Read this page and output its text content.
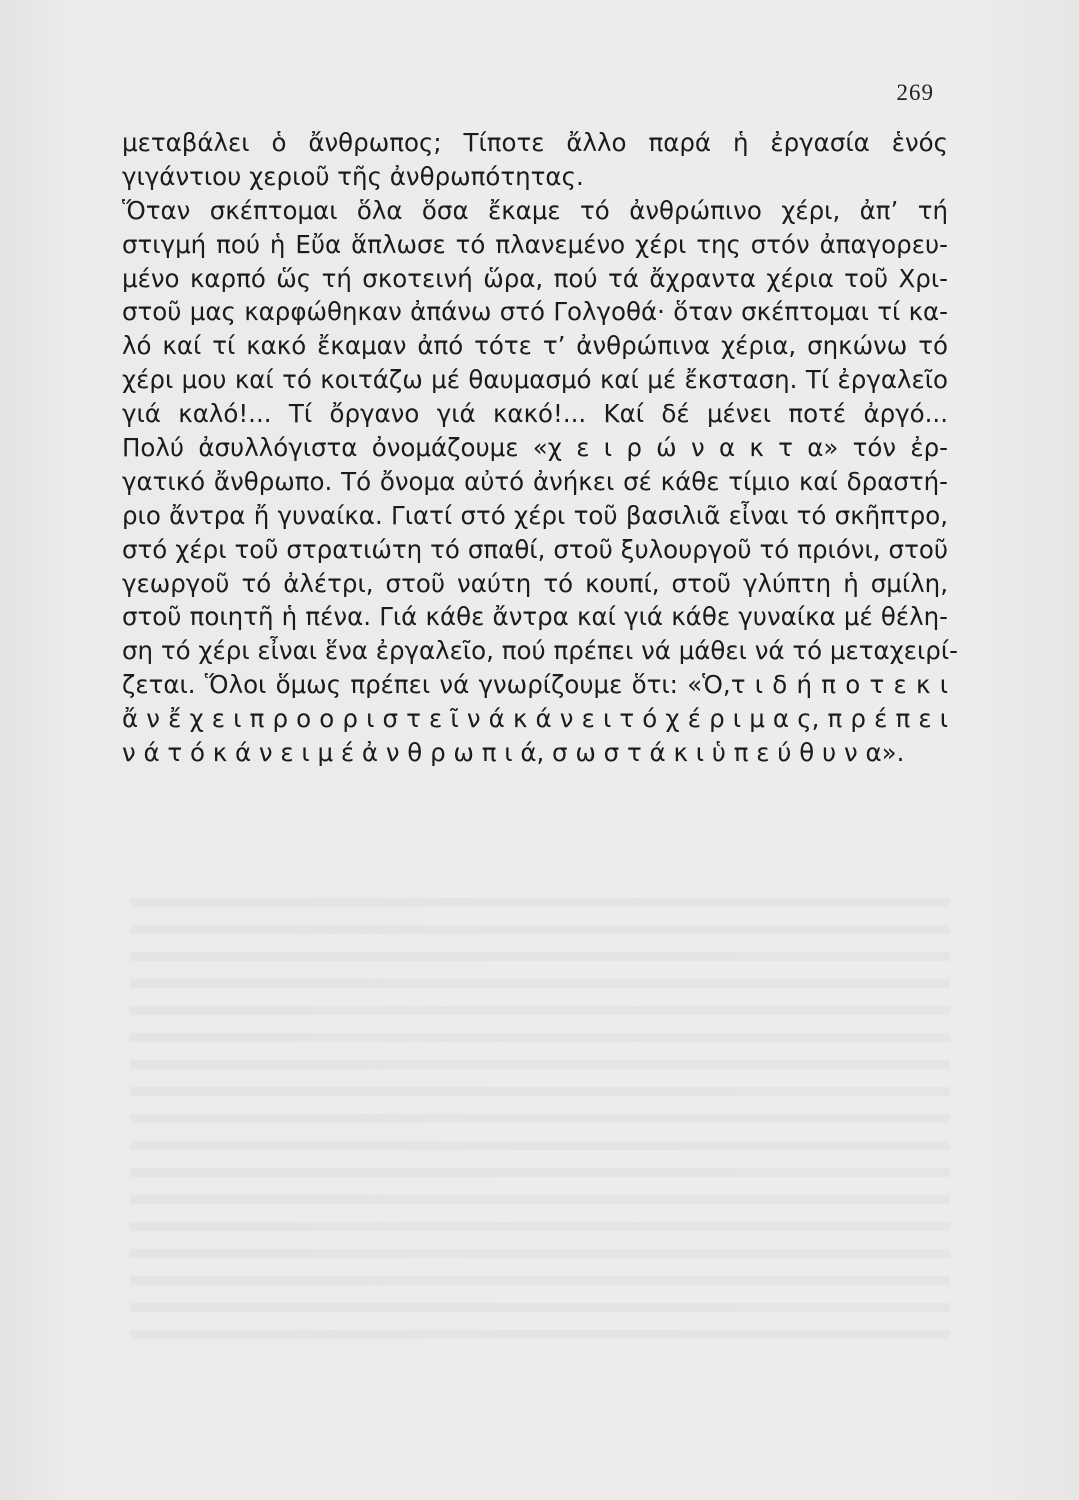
269
μεταβάλει ὁ ἄνθρωπος; Τίποτε ἄλλο παρά ἡ ἐργασία ἑνός
γιγάντιου χεριοῦ τῆς ἀνθρωπότητας.
Ὅταν σκέπτομαι ὅλα ὅσα ἔκαμε τό ἀνθρώπινο χέρι, ἀπ’ τή
στιγμή πού ἡ Εὔα ἅπλωσε τό πλανεμένο χέρι της στόν ἀπαγορευ-
μένο καρπό ὥς τή σκοτεινή ὥρα, πού τά ἄχραντα χέρια τοῦ Χρι-
στοῦ μας καρφώθηκαν ἀπάνω στό Γολγοθά· ὅταν σκέπτομαι τί κα-
λό καί τί κακό ἔκαμαν ἀπό τότε τ’ ἀνθρώπινα χέρια, σηκώνω τό
χέρι μου καί τό κοιτάζω μέ θαυμασμό καί μέ ἔκσταση. Τί ἐργαλεῖο
γιά καλό!... Τί ὄργανο γιά κακό!... Καί δέ μένει ποτέ ἀργό...
Πολύ ἀσυλλόγιστα ὀνομάζουμε «χ ε ι ρ ώ ν α κ τ α» τόν ἐρ-
γατικό ἄνθρωπο. Τό ὄνομα αὐτό ἀνήκει σέ κάθε τίμιο καί δραστή-
ριο ἄντρα ἤ γυναίκα. Γιατί στό χέρι τοῦ βασιλιᾶ εἶναι τό σκῆπτρο,
στό χέρι τοῦ στρατιώτη τό σπαθί, στοῦ ξυλουργοῦ τό πριόνι, στοῦ
γεωργοῦ τό ἀλέτρι, στοῦ ναύτη τό κουπί, στοῦ γλύπτη ἡ σμίλη,
στοῦ ποιητῆ ἡ πένα. Γιά κάθε ἄντρα καί γιά κάθε γυναίκα μέ θέλη-
ση τό χέρι εἶναι ἕνα ἐργαλεῖο, πού πρέπει νά μάθει νά τό μεταχειρί-
ζεται. Ὅλοι ὅμως πρέπει νά γνωρίζουμε ὅτι: «Ὁ,τ ι δ ή π ο τ ε κ ι
ἄ ν ἔ χ ε ι π ρ ο ο ρ ι σ τ ε ῖ ν ά κ ά ν ε ι τ ό χ έ ρ ι μ α ς, π ρ έ π ε ι
ν ά τ ό κ ά ν ε ι μ έ ἀ ν θ ρ ω π ι ά, σ ω σ τ ά κ ι ὑ π ε ύ θ υ ν α».
